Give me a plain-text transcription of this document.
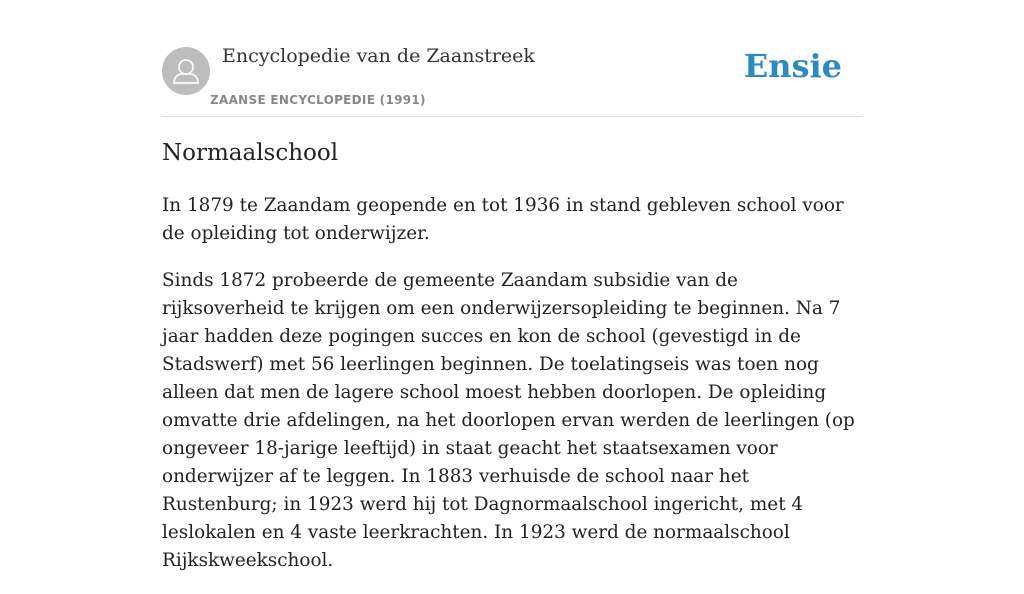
Encyclopedie van de Zaanstreek
ZAANSE ENCYCLOPEDIE (1991)
Ensie
Normaalschool

In 1879 te Zaandam geopende en tot 1936 in stand gebleven school voor de opleiding tot onderwijzer.

Sinds 1872 probeerde de gemeente Zaandam subsidie van de rijksoverheid te krijgen om een onderwijzersopleiding te beginnen. Na 7 jaar hadden deze pogingen succes en kon de school (gevestigd in de Stadswerf) met 56 leerlingen beginnen. De toelatingseis was toen nog alleen dat men de lagere school moest hebben doorlopen. De opleiding omvatte drie afdelingen, na het doorlopen ervan werden de leerlingen (op ongeveer 18-jarige leeftijd) in staat geacht het staatsexamen voor onderwijzer af te leggen. In 1883 verhuisde de school naar het Rustenburg; in 1923 werd hij tot Dagnormaalschool ingericht, met 4 leslokalen en 4 vaste leerkrachten. In 1923 werd de normaalschool Rijkskweekschool.
